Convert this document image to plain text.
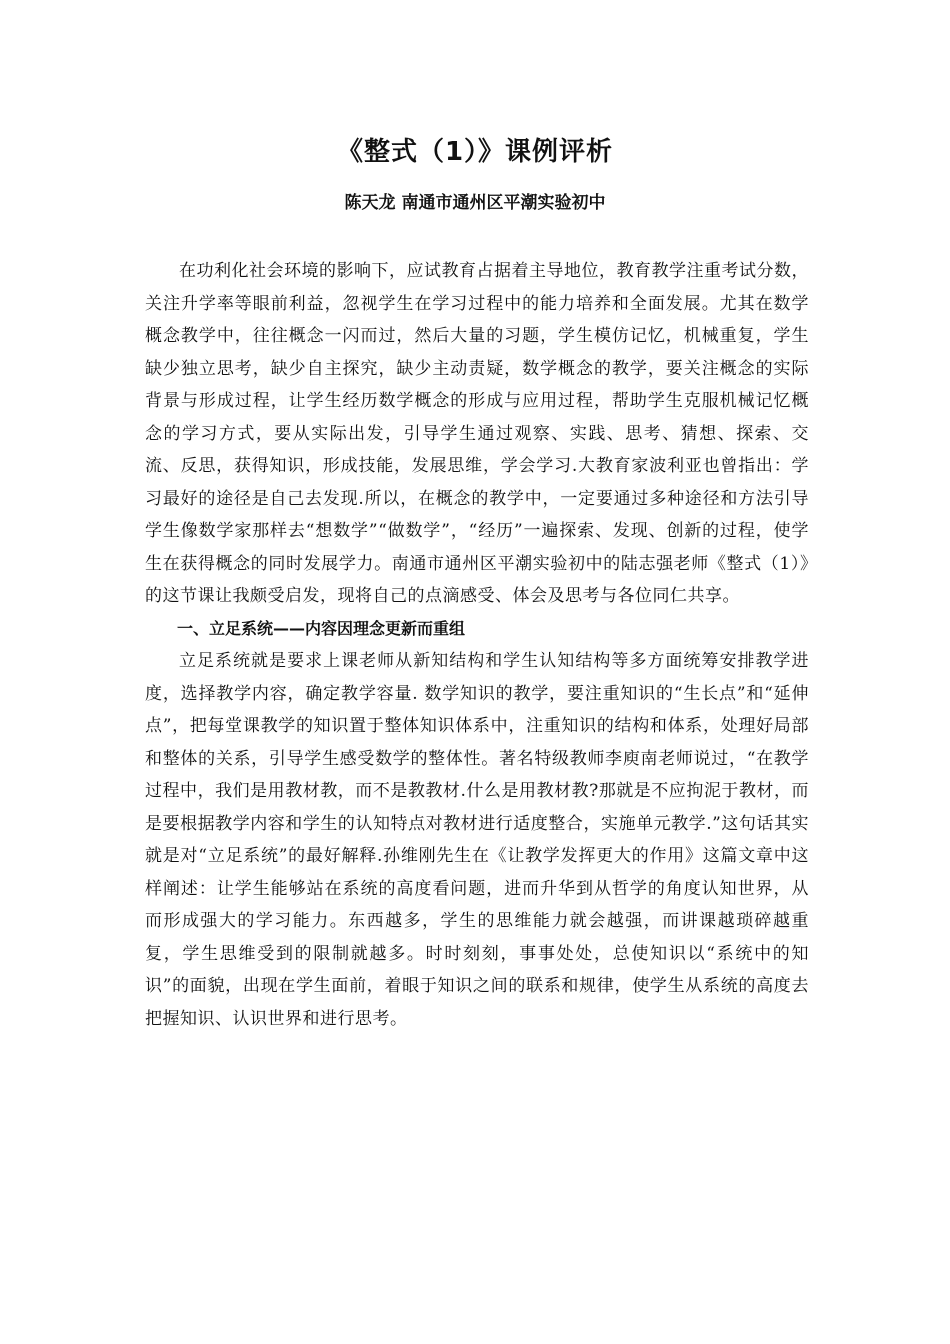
《整式（1）》课例评析

陈天龙 南通市通州区平潮实验初中

在功利化社会环境的影响下，应试教育占据着主导地位，教育教学注重考试分数，关注升学率等眼前利益，忽视学生在学习过程中的能力培养和全面发展。尤其在数学概念教学中，往往概念一闪而过，然后大量的习题，学生模仿记忆，机械重复，学生缺少独立思考，缺少自主探究，缺少主动责疑，数学概念的教学，要关注概念的实际背景与形成过程，让学生经历数学概念的形成与应用过程，帮助学生克服机械记忆概念的学习方式，要从实际出发，引导学生通过观察、实践、思考、猜想、探索、交流、反思，获得知识，形成技能，发展思维，学会学习.大教育家波利亚也曾指出：学习最好的途径是自己去发现.所以，在概念的教学中，一定要通过多种途径和方法引导学生像数学家那样去“想数学”“做数学”，“经历”一遍探索、发现、创新的过程，使学生在获得概念的同时发展学力。南通市通州区平潮实验初中的陆志强老师《整式（1）》的这节课让我颇受启发，现将自己的点滴感受、体会及思考与各位同仁共享。

一、立足系统——内容因理念更新而重组

立足系统就是要求上课老师从新知结构和学生认知结构等多方面统筹安排教学进度，选择教学内容，确定教学容量. 数学知识的教学，要注重知识的“生长点”和“延伸点”，把每堂课教学的知识置于整体知识体系中，注重知识的结构和体系，处理好局部和整体的关系，引导学生感受数学的整体性。著名特级教师李庾南老师说过，“在教学过程中，我们是用教材教，而不是教教材.什么是用教材教?那就是不应拘泥于教材，而是要根据教学内容和学生的认知特点对教材进行适度整合，实施单元教学.”这句话其实就是对“立足系统”的最好解释.孙维刚先生在《让教学发挥更大的作用》这篇文章中这样阐述：让学生能够站在系统的高度看问题，进而升华到从哲学的角度认知世界，从而形成强大的学习能力。东西越多，学生的思维能力就会越强，而讲课越琐碎越重复，学生思维受到的限制就越多。时时刻刻，事事处处，总使知识以“系统中的知识”的面貌，出现在学生面前，着眼于知识之间的联系和规律，使学生从系统的高度去把握知识、认识世界和进行思考。
